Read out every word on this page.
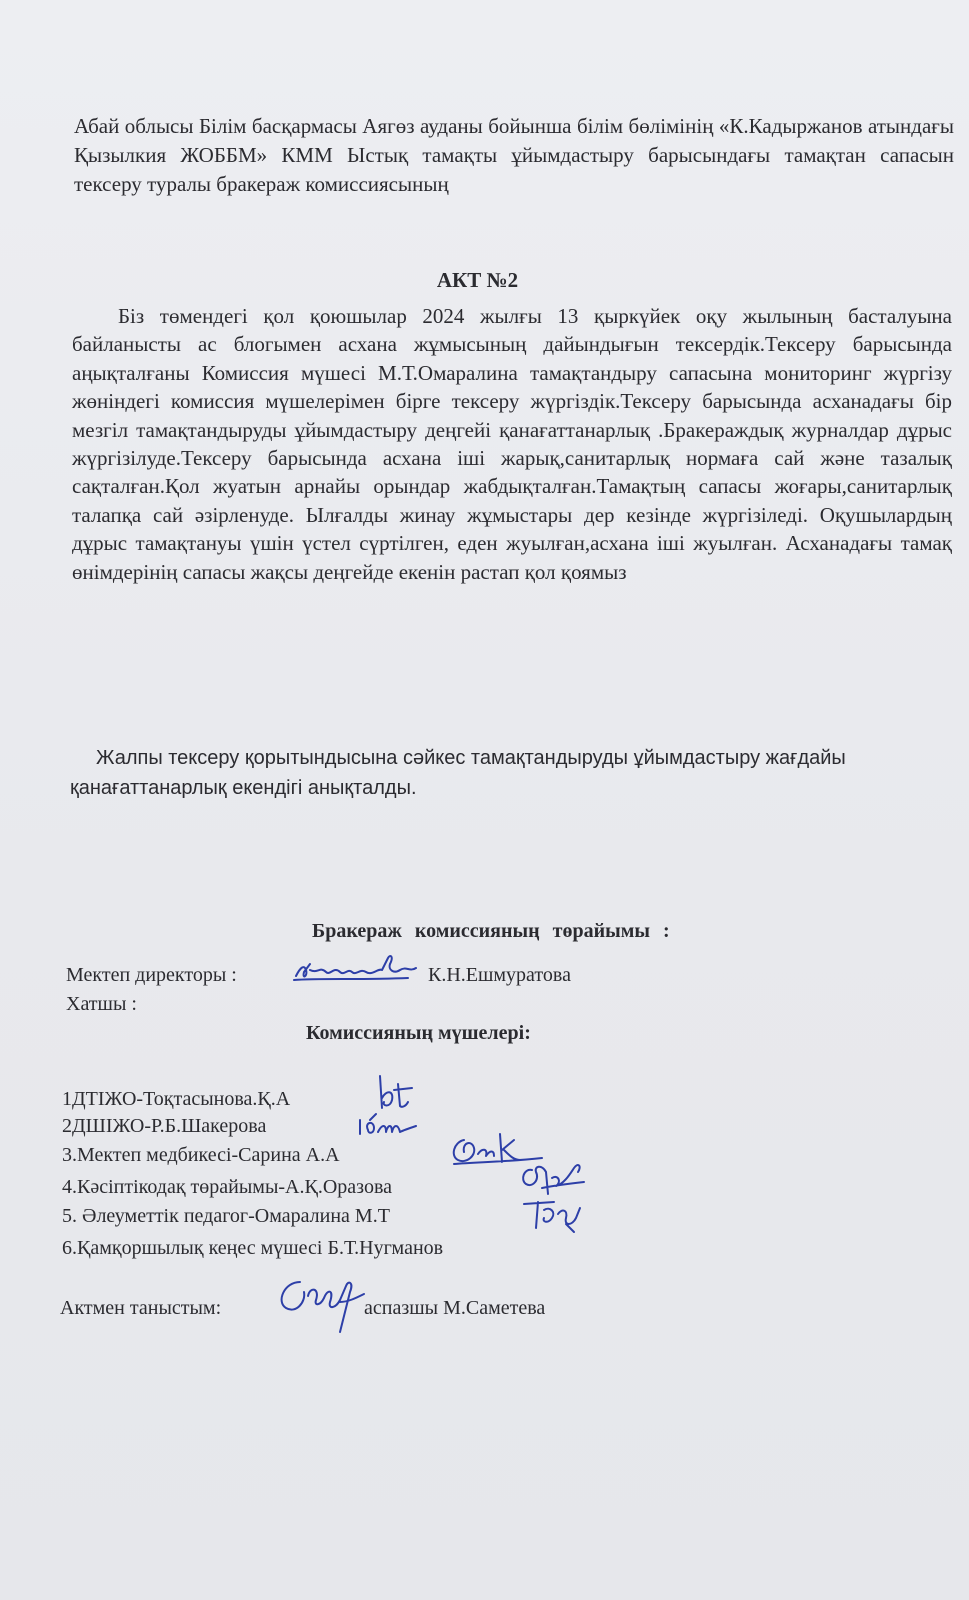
Абай облысы Білім басқармасы Аягөз ауданы бойынша білім бөлімінің «К.Кадыржанов атындағы Қызылкия ЖОББМ» КММ Ыстық тамақты ұйымдастыру барысындағы тамақтан сапасын тексеру туралы бракераж комиссиясының

АКТ №2

Біз төмендегі қол қоюшылар 2024 жылғы 13 қыркүйек оқу жылының басталуына байланысты ас блогымен асхана жұмысының дайындығын тексердік.Тексеру барысында аңықталғаны Комиссия мүшесі М.Т.Омаралина тамақтандыру сапасына мониторинг жүргізу жөніндегі комиссия мүшелерімен бірге тексеру жүргіздік.Тексеру барысында асханадағы бір мезгіл тамақтандыруды ұйымдастыру деңгейі қанағаттанарлық .Бракераждық журналдар дұрыс жүргізілуде.Тексеру барысында асхана іші жарық,санитарлық нормаға сай және тазалық сақталған.Қол жуатын арнайы орындар жабдықталған.Тамақтың сапасы жоғары,санитарлық талапқа сай әзірленуде. Ылғалды жинау жұмыстары дер кезінде жүргізіледі. Оқушылардың дұрыс тамақтануы үшін үстел сүртілген, еден жуылған,асхана іші жуылған. Асханадағы тамақ өнімдерінің сапасы жақсы деңгейде екенін растап қол қоямыз

Жалпы тексеру қорытындысына сәйкес тамақтандыруды ұйымдастыру жағдайы қанағаттанарлық екендігі анықталды.

Бракераж комиссияның төрайымы :

Мектеп директоры :	К.Н.Ешмуратова

Хатшы :

Комиссияның мүшелері:

1ДТІЖО-Тоқтасынова.Қ.А

2ДШІЖО-Р.Б.Шакерова

3.Мектеп медбикесі-Сарина А.А

4.Кәсіптікодақ төрайымы-А.Қ.Оразова

5. Әлеуметтік педагог-Омаралина М.Т

6.Қамқоршылық кеңес мүшесі Б.Т.Нугманов

Актмен таныстым:	аспазшы М.Саметева
